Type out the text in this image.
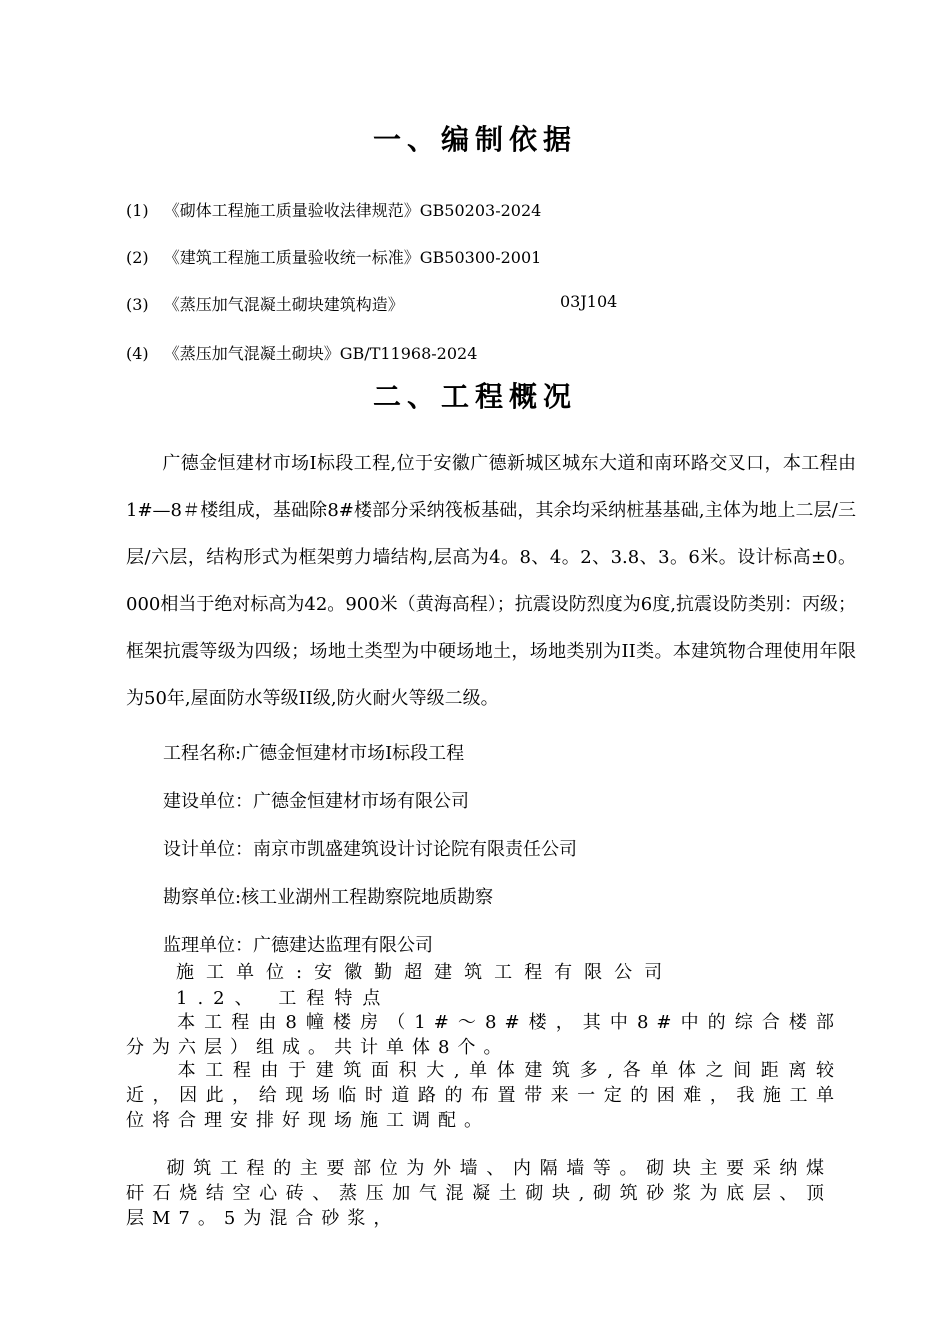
一、编制依据
(1) 《砌体工程施工质量验收法律规范》GB50203-2024
(2) 《建筑工程施工质量验收统一标准》GB50300-2001
(3) 《蒸压加气混凝土砌块建筑构造》	03J104
(4) 《蒸压加气混凝土砌块》GB/T11968-2024
二、工程概况
广德金恒建材市场Ⅰ标段工程,位于安徽广德新城区城东大道和南环路交叉口，本工程由1#—8＃楼组成，基础除8#楼部分采纳筏板基础，其余均采纳桩基基础,主体为地上二层/三层/六层，结构形式为框架剪力墙结构,层高为4。8、4。2、3.8、3。6米。设计标高±0。000相当于绝对标高为42。900米（黄海高程）；抗震设防烈度为6度,抗震设防类别：丙级；框架抗震等级为四级；场地土类型为中硬场地土，场地类别为II类。本建筑物合理使用年限为50年,屋面防水等级II级,防火耐火等级二级。
工程名称:广德金恒建材市场Ⅰ标段工程
建设单位：广德金恒建材市场有限公司
设计单位：南京市凯盛建筑设计讨论院有限责任公司
勘察单位:核工业湖州工程勘察院地质勘察
监理单位：广德建达监理有限公司
施工单位:安徽勤超建筑工程有限公司
1.2、 工程特点
本工程由8幢楼房（1#～8#楼，其中8#中的综合楼部分为六层）组成。共计单体8个。
本工程由于建筑面积大,单体建筑多,各单体之间距离较近，因此，给现场临时道路的布置带来一定的困难，我施工单位将合理安排好现场施工调配。
砌筑工程的主要部位为外墙、内隔墙等。砌块主要采纳煤矸石烧结空心砖、蒸压加气混凝土砌块,砌筑砂浆为底层、顶层M7。5为混合砂浆，
